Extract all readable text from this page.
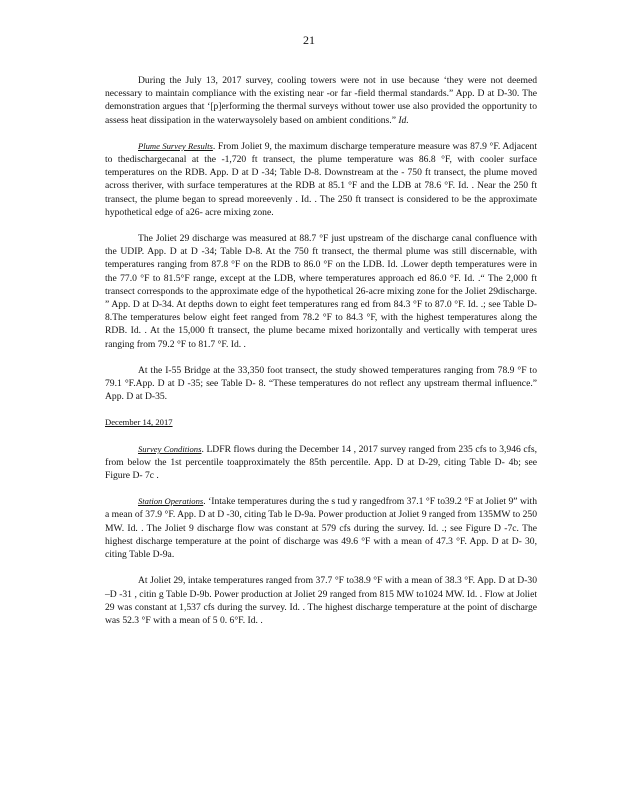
21

During the July 13, 2017 survey, cooling towers were not in use because ‘they were not deemed necessary to maintain compliance with the existing near -or far -field thermal standards.” App. D at D-30. The demonstration argues that ‘[p]erforming the thermal surveys without tower use also provided the opportunity to assess heat dissipation in the waterwaysolely based on ambient conditions.” Id.

Plume Survey Results. From Joliet 9, the maximum discharge temperature measure was 87.9 °F. Adjacent to thedischargecanal at the -1,720 ft transect, the plume temperature was 86.8 °F, with cooler surface temperatures on the RDB. App. D at D -34; Table D-8. Downstream at the - 750 ft transect, the plume moved across theriver, with surface temperatures at the RDB at 85.1 °F and the LDB at 78.6 °F. Id. . Near the 250 ft transect, the plume began to spread moreevenly . Id. . The 250 ft transect is considered to be the approximate hypothetical edge of a26- acre mixing zone.

The Joliet 29 discharge was measured at 88.7 °F just upstream of the discharge canal confluence with the UDIP. App. D at D -34; Table D-8. At the 750 ft transect, the thermal plume was still discernable, with temperatures ranging from 87.8 °F on the RDB to 86.0 °F on the LDB. Id. .Lower depth temperatures were in the 77.0 °F to 81.5°F range, except at the LDB, where temperatures approach ed 86.0 °F. Id. .“ The 2,000 ft transect corresponds to the approximate edge of the hypothetical 26-acre mixing zone for the Joliet 29discharge. ” App. D at D-34. At depths down to eight feet temperatures rang ed from 84.3 °F to 87.0 °F. Id. .; see Table D-8.The temperatures below eight feet ranged from 78.2 °F to 84.3 °F, with the highest temperatures along the RDB. Id. . At the 15,000 ft transect, the plume became mixed horizontally and vertically with temperat ures ranging from 79.2 °F to 81.7 °F. Id. .

At the I-55 Bridge at the 33,350 foot transect, the study showed temperatures ranging from 78.9 °F to 79.1 °F.App. D at D -35; see Table D- 8. “These temperatures do not reflect any upstream thermal influence.” App. D at D-35.

December 14, 2017

Survey Conditions. LDFR flows during the December 14 , 2017 survey ranged from 235 cfs to 3,946 cfs, from below the 1st percentile toapproximately the 85th percentile. App. D at D-29, citing Table D- 4b; see Figure D- 7c .

Station Operations. ‘Intake temperatures during the s tud y rangedfrom 37.1 °F to39.2 °F at Joliet 9” with a mean of 37.9 °F. App. D at D -30, citing Tab le D-9a. Power production at Joliet 9 ranged from 135MW to 250 MW. Id. . The Joliet 9 discharge flow was constant at 579 cfs during the survey. Id. .; see Figure D -7c. The highest discharge temperature at the point of discharge was 49.6 °F with a mean of 47.3 °F. App. D at D- 30, citing Table D-9a.

At Joliet 29, intake temperatures ranged from 37.7 °F to38.9 °F with a mean of 38.3 °F. App. D at D-30 –D -31 , citin g Table D-9b. Power production at Joliet 29 ranged from 815 MW to1024 MW. Id. . Flow at Joliet 29 was constant at 1,537 cfs during the survey. Id. . The highest discharge temperature at the point of discharge was 52.3 °F with a mean of 5 0. 6°F. Id. .
